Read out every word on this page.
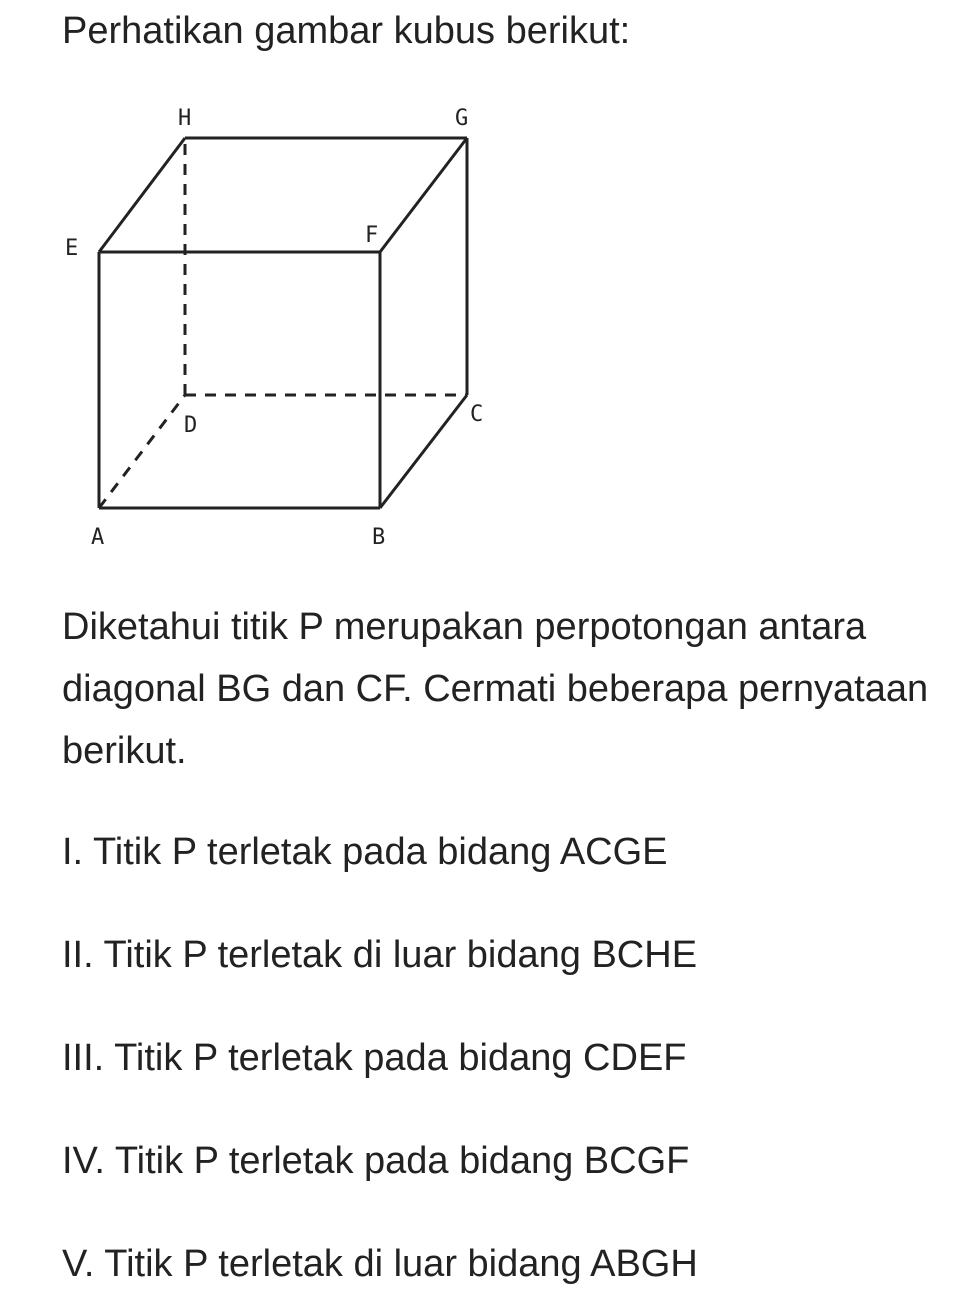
Perhatikan gambar kubus berikut:

H	G
E
F
D	C
A	B

Diketahui titik P merupakan perpotongan antara diagonal BG dan CF. Cermati beberapa pernyataan berikut.

I. Titik P terletak pada bidang ACGE
II. Titik P terletak di luar bidang BCHE
III. Titik P terletak pada bidang CDEF
IV. Titik P terletak pada bidang BCGF
V. Titik P terletak di luar bidang ABGH
